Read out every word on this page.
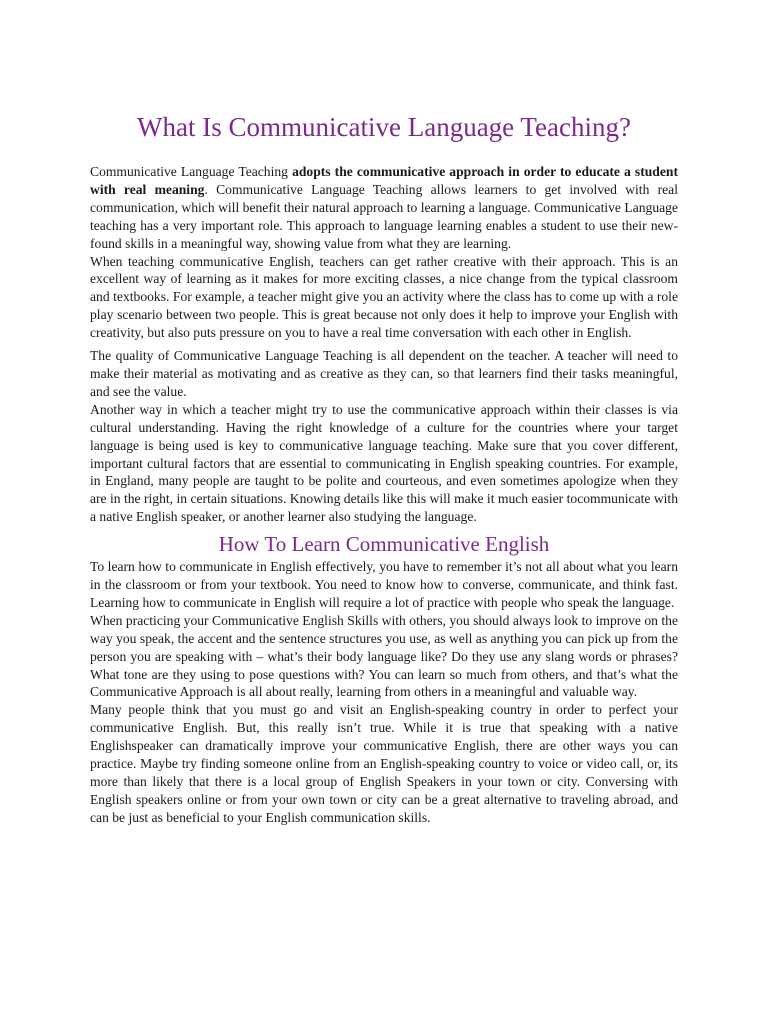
What Is Communicative Language Teaching?

Communicative Language Teaching adopts the communicative approach in order to educate a student with real meaning. Communicative Language Teaching allows learners to get involved with real communication, which will benefit their natural approach to learning a language. Communicative Language teaching has a very important role. This approach to language learning enables a student to use their new-found skills in a meaningful way, showing value from what they are learning.

When teaching communicative English, teachers can get rather creative with their approach. This is an excellent way of learning as it makes for more exciting classes, a nice change from the typical classroom and textbooks. For example, a teacher might give you an activity where the class has to come up with a role play scenario between two people. This is great because not only does it help to improve your English with creativity, but also puts pressure on you to have a real time conversation with each other in English.

The quality of Communicative Language Teaching is all dependent on the teacher. A teacher will need to make their material as motivating and as creative as they can, so that learners find their tasks meaningful, and see the value.

Another way in which a teacher might try to use the communicative approach within their classes is via cultural understanding. Having the right knowledge of a culture for the countries where your target language is being used is key to communicative language teaching. Make sure that you cover different, important cultural factors that are essential to communicating in English speaking countries. For example, in England, many people are taught to be polite and courteous, and even sometimes apologize when they are in the right, in certain situations. Knowing details like this will make it much easier tocommunicate with a native English speaker, or another learner also studying the language.

How To Learn Communicative English

To learn how to communicate in English effectively, you have to remember it’s not all about what you learn in the classroom or from your textbook. You need to know how to converse, communicate, and think fast. Learning how to communicate in English will require a lot of practice with people who speak the language.

When practicing your Communicative English Skills with others, you should always look to improve on the way you speak, the accent and the sentence structures you use, as well as anything you can pick up from the person you are speaking with – what’s their body language like? Do they use any slang words or phrases? What tone are they using to pose questions with? You can learn so much from others, and that’s what the Communicative Approach is all about really, learning from others in a meaningful and valuable way.

Many people think that you must go and visit an English-speaking country in order to perfect your communicative English. But, this really isn’t true. While it is true that speaking with a native Englishspeaker can dramatically improve your communicative English, there are other ways you can practice. Maybe try finding someone online from an English-speaking country to voice or video call, or, its more than likely that there is a local group of English Speakers in your town or city. Conversing with English speakers online or from your own town or city can be a great alternative to traveling abroad, and can be just as beneficial to your English communication skills.
